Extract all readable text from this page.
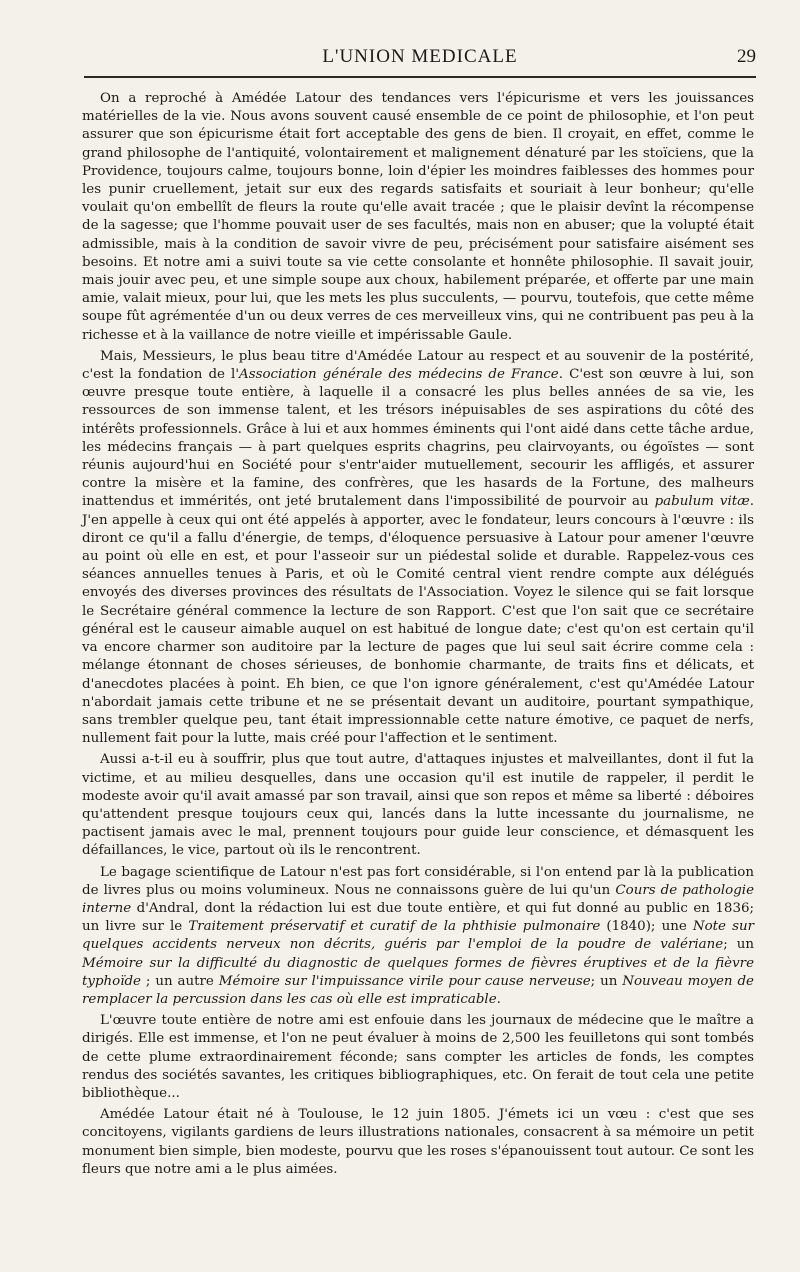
L'UNION MEDICALE	29

On a reproché à Amédée Latour des tendances vers l'épicurisme et vers les jouissances matérielles de la vie. Nous avons souvent causé ensemble de ce point de philosophie, et l'on peut assurer que son épicurisme était fort acceptable des gens de bien. Il croyait, en effet, comme le grand philosophe de l'antiquité, volontairement et malignement dénaturé par les stoïciens, que la Providence, toujours calme, toujours bonne, loin d'épier les moindres faiblesses des hommes pour les punir cruellement, jetait sur eux des regards satisfaits et souriait à leur bonheur; qu'elle voulait qu'on embellît de fleurs la route qu'elle avait tracée ; que le plaisir devînt la récompense de la sagesse; que l'homme pouvait user de ses facultés, mais non en abuser; que la volupté était admissible, mais à la condition de savoir vivre de peu, précisément pour satisfaire aisément ses besoins. Et notre ami a suivi toute sa vie cette consolante et honnête philosophie. Il savait jouir, mais jouir avec peu, et une simple soupe aux choux, habilement préparée, et offerte par une main amie, valait mieux, pour lui, que les mets les plus succulents, — pourvu, toutefois, que cette même soupe fût agrémentée d'un ou deux verres de ces merveilleux vins, qui ne contribuent pas peu à la richesse et à la vaillance de notre vieille et impérissable Gaule.

Mais, Messieurs, le plus beau titre d'Amédée Latour au respect et au souvenir de la postérité, c'est la fondation de l'Association générale des médecins de France. C'est son œuvre à lui, son œuvre presque toute entière, à laquelle il a consacré les plus belles années de sa vie, les ressources de son immense talent, et les trésors inépuisables de ses aspirations du côté des intérêts professionnels. Grâce à lui et aux hommes éminents qui l'ont aidé dans cette tâche ardue, les médecins français — à part quelques esprits chagrins, peu clairvoyants, ou égoïstes — sont réunis aujourd'hui en Société pour s'entr'aider mutuellement, secourir les affligés, et assurer contre la misère et la famine, des confrères, que les hasards de la Fortune, des malheurs inattendus et immérités, ont jeté brutalement dans l'impossibilité de pourvoir au pabulum vitæ. J'en appelle à ceux qui ont été appelés à apporter, avec le fondateur, leurs concours à l'œuvre : ils diront ce qu'il a fallu d'énergie, de temps, d'éloquence persuasive à Latour pour amener l'œuvre au point où elle en est, et pour l'asseoir sur un piédestal solide et durable. Rappelez-vous ces séances annuelles tenues à Paris, et où le Comité central vient rendre compte aux délégués envoyés des diverses provinces des résultats de l'Association. Voyez le silence qui se fait lorsque le Secrétaire général commence la lecture de son Rapport. C'est que l'on sait que ce secrétaire général est le causeur aimable auquel on est habitué de longue date; c'est qu'on est certain qu'il va encore charmer son auditoire par la lecture de pages que lui seul sait écrire comme cela : mélange étonnant de choses sérieuses, de bonhomie charmante, de traits fins et délicats, et d'anecdotes placées à point. Eh bien, ce que l'on ignore généralement, c'est qu'Amédée Latour n'abordait jamais cette tribune et ne se présentait devant un auditoire, pourtant sympathique, sans trembler quelque peu, tant était impressionnable cette nature émotive, ce paquet de nerfs, nullement fait pour la lutte, mais créé pour l'affection et le sentiment.

Aussi a-t-il eu à souffrir, plus que tout autre, d'attaques injustes et malveillantes, dont il fut la victime, et au milieu desquelles, dans une occasion qu'il est inutile de rappeler, il perdit le modeste avoir qu'il avait amassé par son travail, ainsi que son repos et même sa liberté : déboires qu'attendent presque toujours ceux qui, lancés dans la lutte incessante du journalisme, ne pactisent jamais avec le mal, prennent toujours pour guide leur conscience, et démasquent les défaillances, le vice, partout où ils le rencontrent.

Le bagage scientifique de Latour n'est pas fort considérable, si l'on entend par là la publication de livres plus ou moins volumineux. Nous ne connaissons guère de lui qu'un Cours de pathologie interne d'Andral, dont la rédaction lui est due toute entière, et qui fut donné au public en 1836; un livre sur le Traitement préservatif et curatif de la phthisie pulmonaire (1840); une Note sur quelques accidents nerveux non décrits, guéris par l'emploi de la poudre de valériane; un Mémoire sur la difficulté du diagnostic de quelques formes de fièvres éruptives et de la fièvre typhoïde ; un autre Mémoire sur l'impuissance virile pour cause nerveuse; un Nouveau moyen de remplacer la percussion dans les cas où elle est impraticable.

L'œuvre toute entière de notre ami est enfouie dans les journaux de médecine que le maître a dirigés. Elle est immense, et l'on ne peut évaluer à moins de 2,500 les feuilletons qui sont tombés de cette plume extraordinairement féconde; sans compter les articles de fonds, les comptes rendus des sociétés savantes, les critiques bibliographiques, etc. On ferait de tout cela une petite bibliothèque...

Amédée Latour était né à Toulouse, le 12 juin 1805. J'émets ici un vœu : c'est que ses concitoyens, vigilants gardiens de leurs illustrations nationales, consacrent à sa mémoire un petit monument bien simple, bien modeste, pourvu que les roses s'épanouissent tout autour. Ce sont les fleurs que notre ami a le plus aimées.
